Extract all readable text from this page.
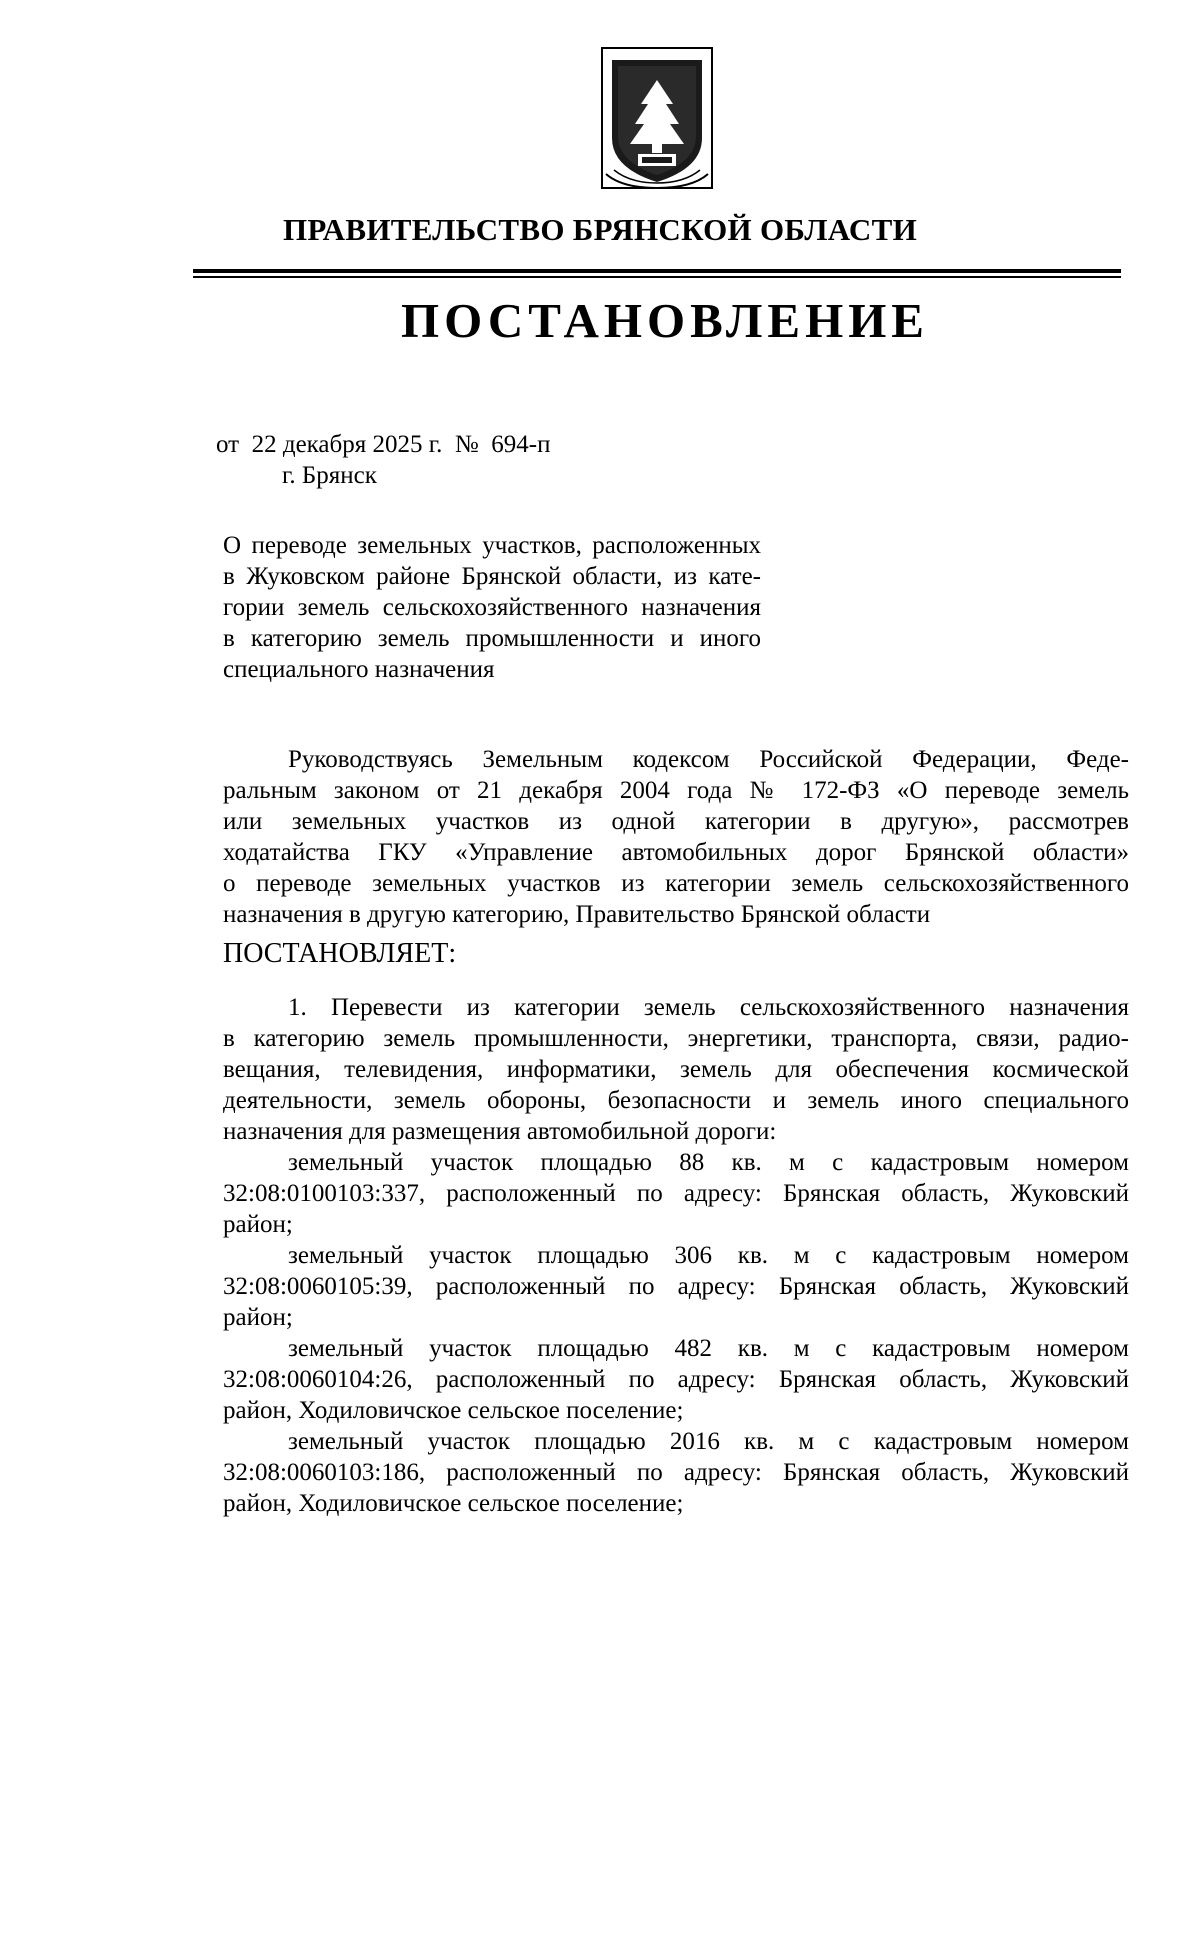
ПРАВИТЕЛЬСТВО БРЯНСКОЙ ОБЛАСТИ
ПОСТАНОВЛЕНИЕ
от  22 декабря 2025 г.  №  694-п
г. Брянск
О переводе земельных участков, расположенных
в Жуковском районе Брянской области, из кате-
гории земель сельскохозяйственного назначения
в категорию земель промышленности и иного
специального назначения
Руководствуясь Земельным кодексом Российской Федерации, Феде-
ральным законом от 21 декабря 2004 года № 172-ФЗ «О переводе земель
или земельных участков из одной категории в другую», рассмотрев
ходатайства ГКУ «Управление автомобильных дорог Брянской области»
о переводе земельных участков из категории земель сельскохозяйственного
назначения в другую категорию, Правительство Брянской области
ПОСТАНОВЛЯЕТ:
1. Перевести из категории земель сельскохозяйственного назначения
в категорию земель промышленности, энергетики, транспорта, связи, радио-
вещания, телевидения, информатики, земель для обеспечения космической
деятельности, земель обороны, безопасности и земель иного специального
назначения для размещения автомобильной дороги:
земельный участок площадью 88 кв. м с кадастровым номером
32:08:0100103:337, расположенный по адресу: Брянская область, Жуковский
район;
земельный участок площадью 306 кв. м с кадастровым номером
32:08:0060105:39, расположенный по адресу: Брянская область, Жуковский
район;
земельный участок площадью 482 кв. м с кадастровым номером
32:08:0060104:26, расположенный по адресу: Брянская область, Жуковский
район, Ходиловичское сельское поселение;
земельный участок площадью 2016 кв. м с кадастровым номером
32:08:0060103:186, расположенный по адресу: Брянская область, Жуковский
район, Ходиловичское сельское поселение;
